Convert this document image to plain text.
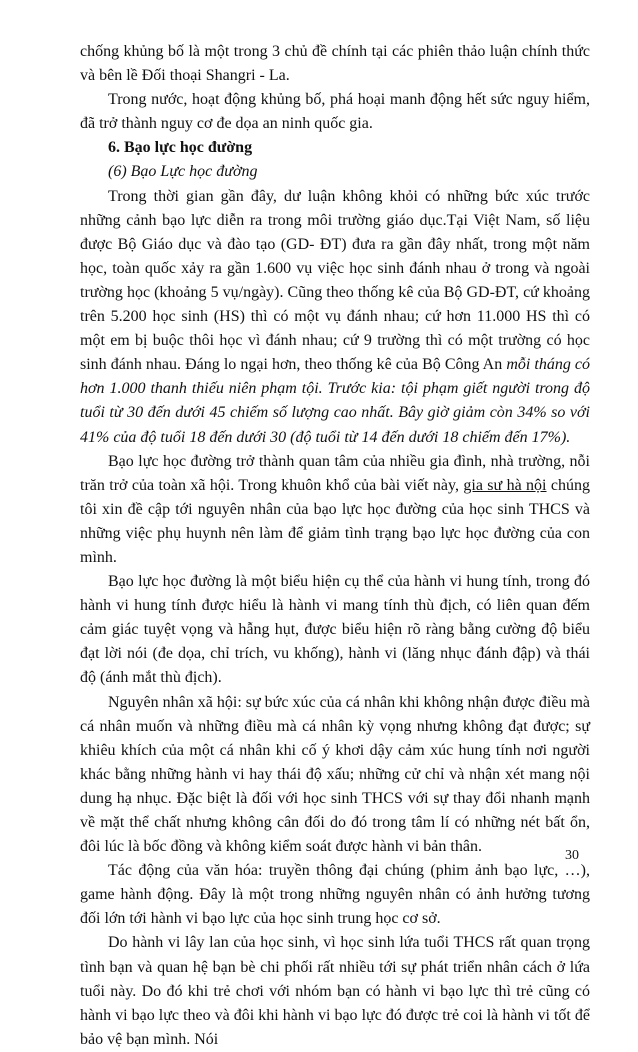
chống khủng bố là một trong 3 chủ đề chính tại các phiên thảo luận chính thức và bên lề Đối thoại Shangri - La.

Trong nước, hoạt động khủng bố, phá hoại manh động hết sức nguy hiểm, đã trở thành nguy cơ đe dọa an ninh quốc gia.

6. Bạo lực học đường

(6) Bạo Lực học đường

Trong thời gian gần đây, dư luận không khỏi có những bức xúc trước những cảnh bạo lực diễn ra trong môi trường giáo dục.Tại Việt Nam, số liệu được Bộ Giáo dục và đào tạo (GD- ĐT) đưa ra gần đây nhất, trong một năm học, toàn quốc xảy ra gần 1.600 vụ việc học sinh đánh nhau ở trong và ngoài trường học (khoảng 5 vụ/ngày). Cũng theo thống kê của Bộ GD-ĐT, cứ khoảng trên 5.200 học sinh (HS) thì có một vụ đánh nhau; cứ hơn 11.000 HS thì có một em bị buộc thôi học vì đánh nhau; cứ 9 trường thì có một trường có học sinh đánh nhau. Đáng lo ngại hơn, theo thống kê của Bộ Công An mỗi tháng có hơn 1.000 thanh thiếu niên phạm tội. Trước kia: tội phạm giết người trong độ tuổi từ 30 đến dưới 45 chiếm số lượng cao nhất. Bây giờ giảm còn 34% so với 41% của độ tuổi 18 đến dưới 30 (độ tuổi từ 14 đến dưới 18 chiếm đến 17%).

Bạo lực học đường trở thành quan tâm của nhiều gia đình, nhà trường, nỗi trăn trở của toàn xã hội. Trong khuôn khổ của bài viết này, gia sư hà nội chúng tôi xin đề cập tới nguyên nhân của bạo lực học đường của học sinh THCS và những việc phụ huynh nên làm để giảm tình trạng bạo lực học đường của con mình.

Bạo lực học đường là một biểu hiện cụ thể của hành vi hung tính, trong đó hành vi hung tính được hiểu là hành vi mang tính thù địch, có liên quan đếm cảm giác tuyệt vọng và hẫng hụt, được biểu hiện rõ ràng bằng cường độ biểu đạt lời nói (đe dọa, chỉ trích, vu khống), hành vi (lăng nhục đánh đập) và thái độ (ánh mắt thù địch).

Nguyên nhân xã hội: sự bức xúc của cá nhân khi không nhận được điều mà cá nhân muốn và những điều mà cá nhân kỳ vọng nhưng không đạt được; sự khiêu khích của một cá nhân khi cố ý khơi dậy cảm xúc hung tính nơi người khác bằng những hành vi hay thái độ xấu; những cử chỉ và nhận xét mang nội dung hạ nhục. Đặc biệt là đối với học sinh THCS với sự thay đổi nhanh mạnh về mặt thể chất nhưng không cân đối do đó trong tâm lí có những nét bất ổn, đôi lúc là bốc đồng và không kiểm soát được hành vi bản thân.

Tác động của văn hóa: truyền thông đại chúng (phim ảnh bạo lực, …), game hành động. Đây là một trong những nguyên nhân có ảnh hưởng tương đối lớn tới hành vi bạo lực của học sinh trung học cơ sở.

Do hành vi lây lan của học sinh, vì học sinh lứa tuổi THCS rất quan trọng tình bạn và quan hệ bạn bè chi phối rất nhiều tới sự phát triển nhân cách ở lứa tuổi này. Do đó khi trẻ chơi với nhóm bạn có hành vi bạo lực thì trẻ cũng có hành vi bạo lực theo và đôi khi hành vi bạo lực đó được trẻ coi là hành vi tốt để bảo vệ bạn mình. Nói

30
